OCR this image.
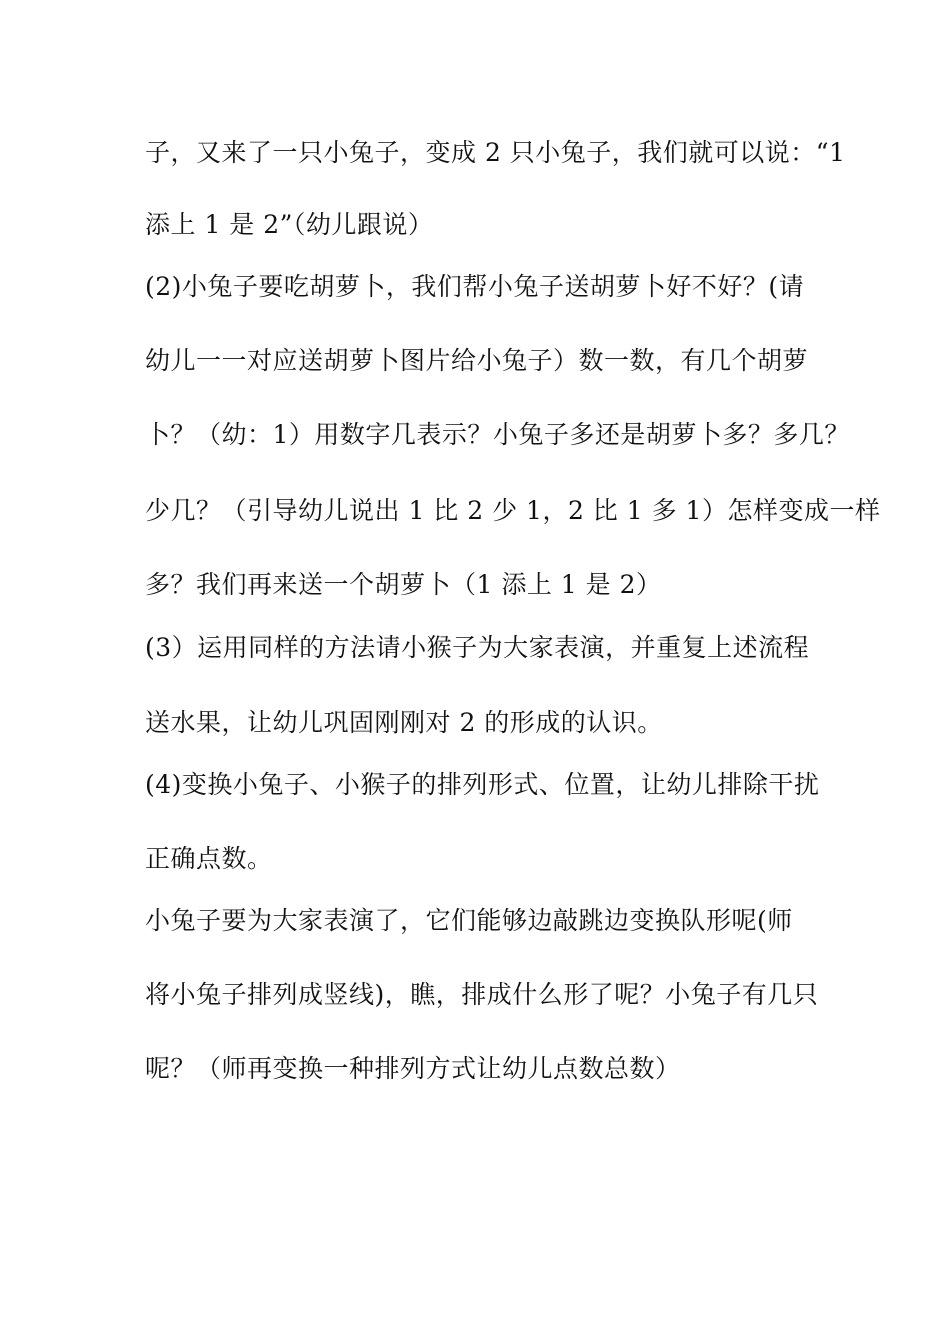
子，又来了一只小兔子，变成 2 只小兔子，我们就可以说：“1
添上 1 是 2”（幼儿跟说）
(2)小兔子要吃胡萝卜，我们帮小兔子送胡萝卜好不好？(请
幼儿一一对应送胡萝卜图片给小兔子）数一数，有几个胡萝
卜？（幼：1）用数字几表示？小兔子多还是胡萝卜多？多几？
少几？（引导幼儿说出 1 比 2 少 1，2 比 1 多 1）怎样变成一样
多？我们再来送一个胡萝卜（1 添上 1 是 2）
(3）运用同样的方法请小猴子为大家表演，并重复上述流程
送水果，让幼儿巩固刚刚对 2 的形成的认识。
(4)变换小兔子、小猴子的排列形式、位置，让幼儿排除干扰
正确点数。
小兔子要为大家表演了，它们能够边敲跳边变换队形呢(师
将小兔子排列成竖线)，瞧，排成什么形了呢？小兔子有几只
呢？（师再变换一种排列方式让幼儿点数总数）
